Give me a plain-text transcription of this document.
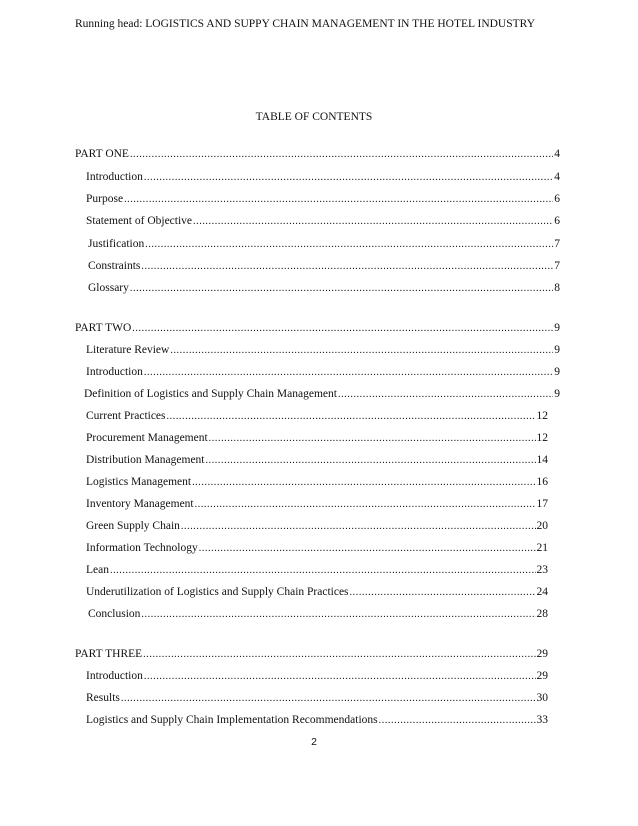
Running head: LOGISTICS AND SUPPY CHAIN MANAGEMENT IN THE HOTEL INDUSTRY
TABLE OF CONTENTS
PART ONE .....	4
Introduction .....	4
Purpose .....	6
Statement of Objective .....	6
Justification .....	7
Constraints .....	7
Glossary .....	8
PART TWO .....	9
Literature Review .....	9
Introduction .....	9
Definition of Logistics and Supply Chain Management .....	9
Current Practices .....	12
Procurement Management .....	12
Distribution Management .....	14
Logistics Management .....	16
Inventory Management .....	17
Green Supply Chain .....	20
Information Technology .....	21
Lean .....	23
Underutilization of Logistics and Supply Chain Practices .....	24
Conclusion .....	28
PART THREE .....	29
Introduction .....	29
Results .....	30
Logistics and Supply Chain Implementation Recommendations .....	33
2
